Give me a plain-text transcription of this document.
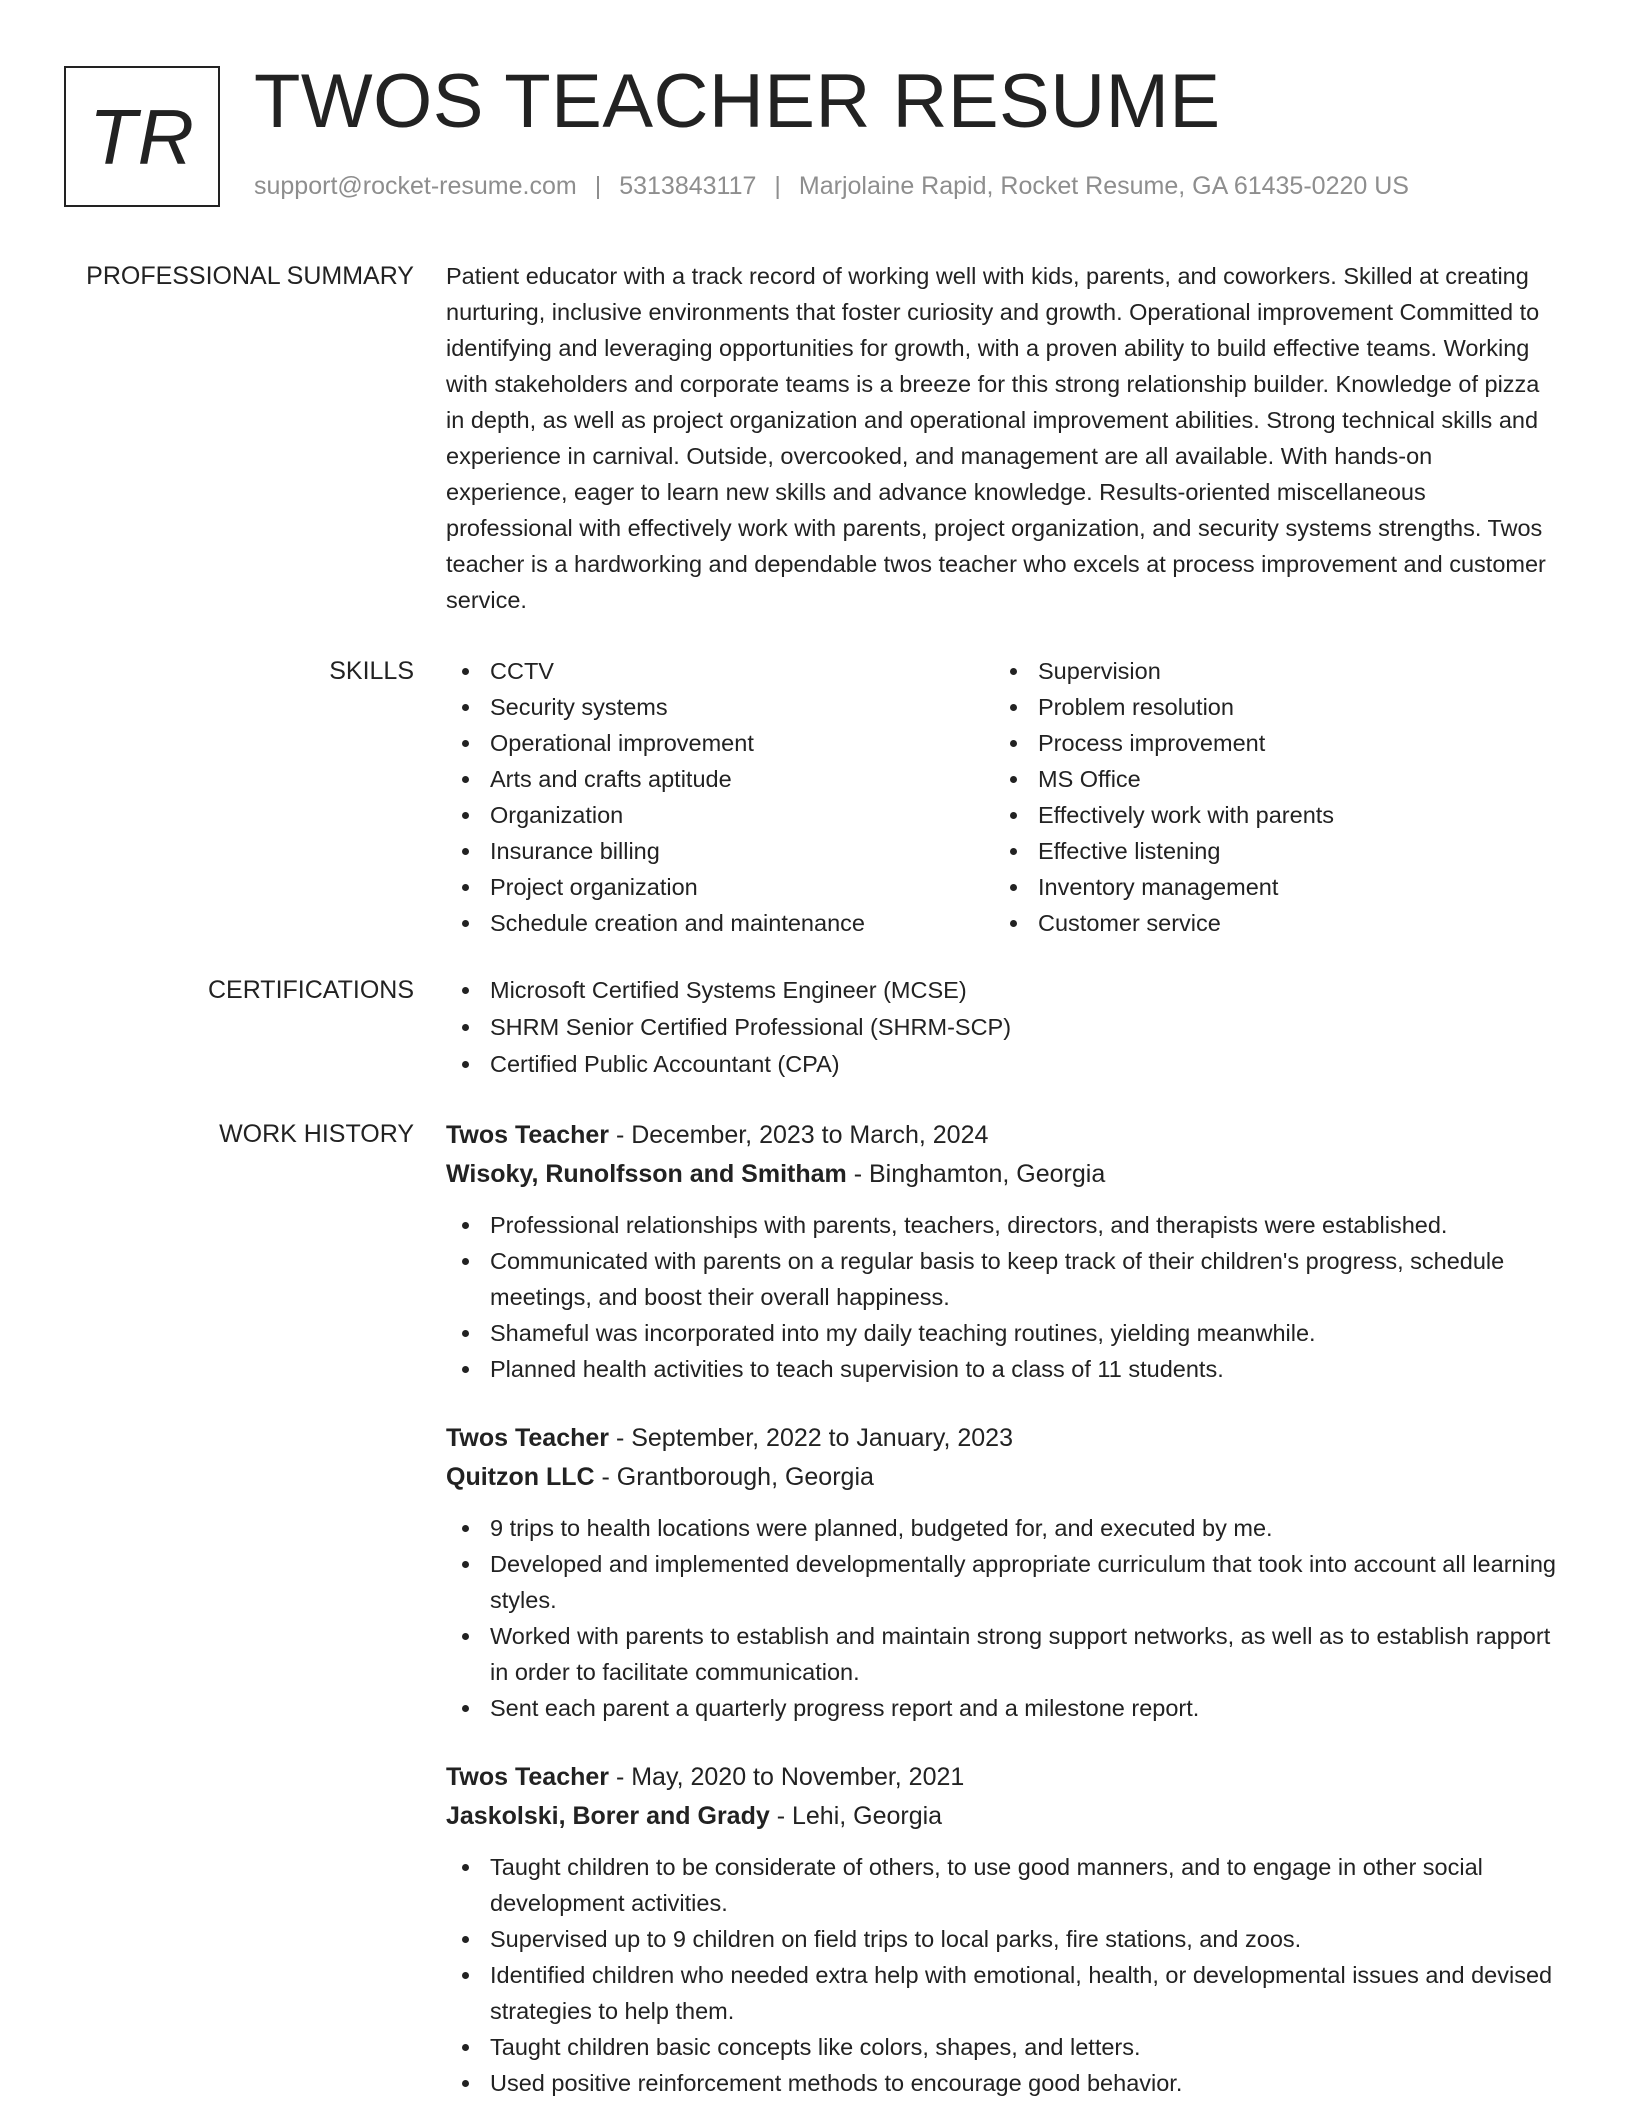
TR TWOS TEACHER RESUME
support@rocket-resume.com | 5313843117 | Marjolaine Rapid, Rocket Resume, GA 61435-0220 US
PROFESSIONAL SUMMARY Patient educator with a track record of working well with kids, parents, and coworkers. Skilled at creating nurturing, inclusive environments that foster curiosity and growth. Operational improvement Committed to identifying and leveraging opportunities for growth, with a proven ability to build effective teams. Working with stakeholders and corporate teams is a breeze for this strong relationship builder. Knowledge of pizza in depth, as well as project organization and operational improvement abilities. Strong technical skills and experience in carnival. Outside, overcooked, and management are all available. With hands-on experience, eager to learn new skills and advance knowledge. Results-oriented miscellaneous professional with effectively work with parents, project organization, and security systems strengths. Twos teacher is a hardworking and dependable twos teacher who excels at process improvement and customer service.

SKILLS	CCTV
Security systems
Operational improvement
Arts and crafts aptitude
Organization
Insurance billing
Project organization
Schedule creation and maintenance
Supervision
Problem resolution
Process improvement
MS Office
Effectively work with parents
Effective listening
Inventory management
Customer service
CERTIFICATIONS	Microsoft Certified Systems Engineer (MCSE)
SHRM Senior Certified Professional (SHRM-SCP)
Certified Public Accountant (CPA)
WORK HISTORY Twos Teacher - December, 2023 to March, 2024
Wisoky, Runolfsson and Smitham - Binghamton, Georgia
Professional relationships with parents, teachers, directors, and therapists were established.
Communicated with parents on a regular basis to keep track of their children's progress, schedule meetings, and boost their overall happiness.
Shameful was incorporated into my daily teaching routines, yielding meanwhile.
Planned health activities to teach supervision to a class of 11 students.
Twos Teacher - September, 2022 to January, 2023
Quitzon LLC - Grantborough, Georgia
9 trips to health locations were planned, budgeted for, and executed by me.
Developed and implemented developmentally appropriate curriculum that took into account all learning styles.
Worked with parents to establish and maintain strong support networks, as well as to establish rapport in order to facilitate communication.
Sent each parent a quarterly progress report and a milestone report.
Twos Teacher - May, 2020 to November, 2021
Jaskolski, Borer and Grady - Lehi, Georgia
Taught children to be considerate of others, to use good manners, and to engage in other social development activities.
Supervised up to 9 children on field trips to local parks, fire stations, and zoos.
Identified children who needed extra help with emotional, health, or developmental issues and devised strategies to help them.
Taught children basic concepts like colors, shapes, and letters.
Used positive reinforcement methods to encourage good behavior.
